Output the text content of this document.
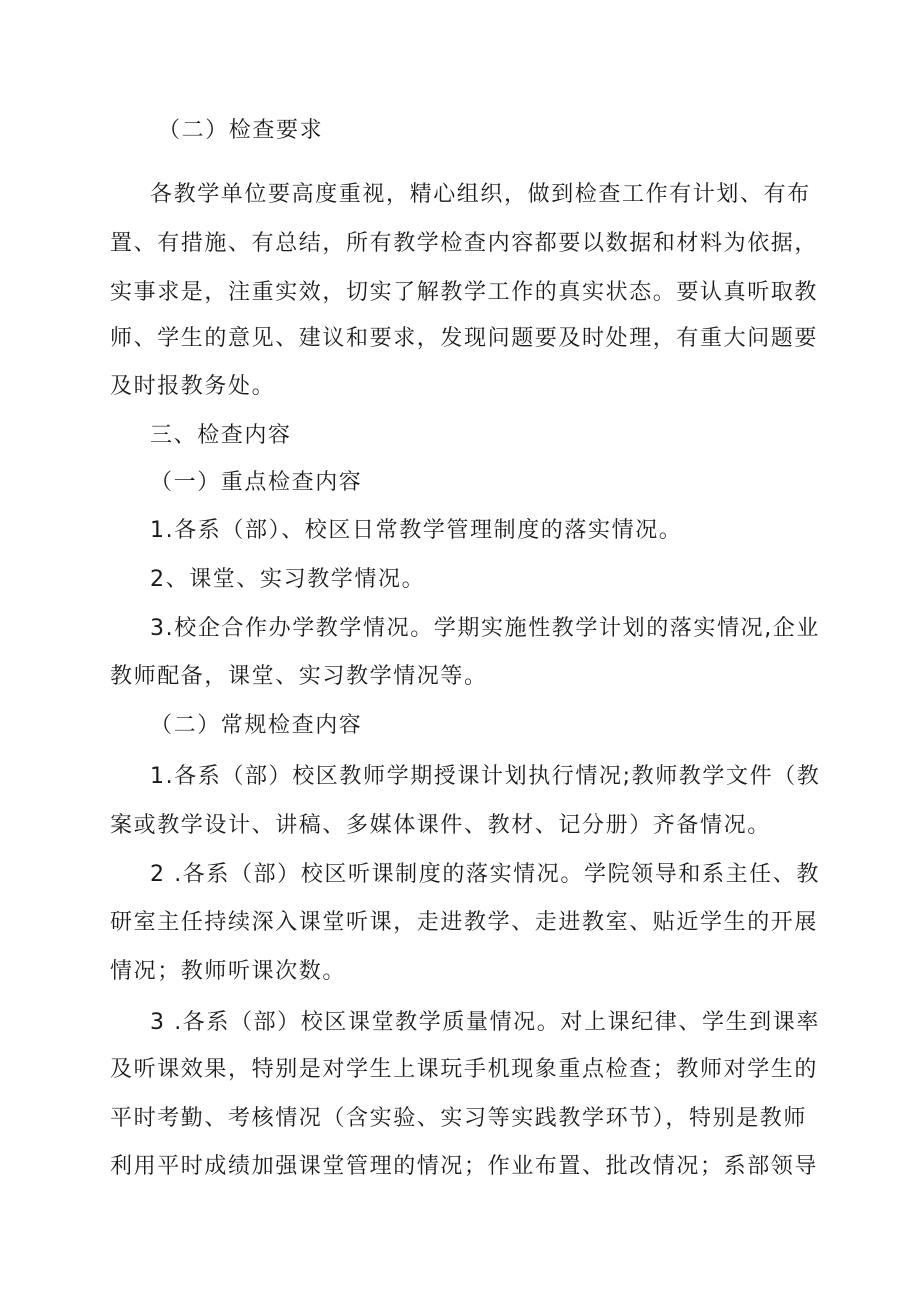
（二）检查要求
各教学单位要高度重视，精心组织，做到检查工作有计划、有布
置、有措施、有总结，所有教学检查内容都要以数据和材料为依据，
实事求是，注重实效，切实了解教学工作的真实状态。要认真听取教
师、学生的意见、建议和要求，发现问题要及时处理，有重大问题要
及时报教务处。
三、检查内容
（一）重点检查内容
1.各系（部）、校区日常教学管理制度的落实情况。
2、课堂、实习教学情况。
3.校企合作办学教学情况。学期实施性教学计划的落实情况,企业
教师配备，课堂、实习教学情况等。
（二）常规检查内容
1.各系（部）校区教师学期授课计划执行情况;教师教学文件（教
案或教学设计、讲稿、多媒体课件、教材、记分册）齐备情况。
2 .各系（部）校区听课制度的落实情况。学院领导和系主任、教
研室主任持续深入课堂听课，走进教学、走进教室、贴近学生的开展
情况；教师听课次数。
3 .各系（部）校区课堂教学质量情况。对上课纪律、学生到课率
及听课效果，特别是对学生上课玩手机现象重点检查；教师对学生的
平时考勤、考核情况（含实验、实习等实践教学环节），特别是教师
利用平时成绩加强课堂管理的情况；作业布置、批改情况；系部领导
